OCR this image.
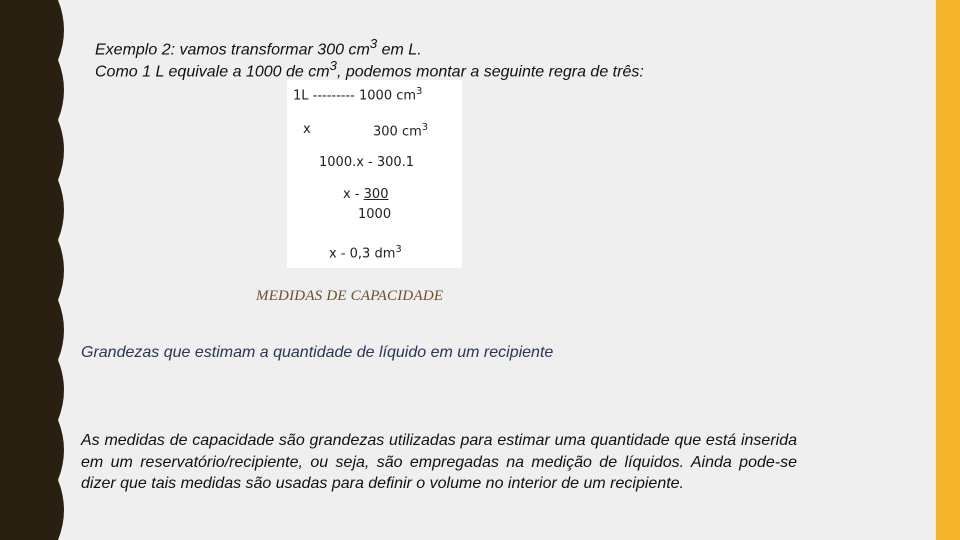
Exemplo 2: vamos transformar 300 $cm^3$ em L.
Como 1 L equivale a 1000 de $cm^3$, podemos montar a seguinte regra de três:
1L --------- 1000 $cm^3$
x	300 $cm^3$
1000.x - 300.1
x - 300
1000
x - 0,3 $dm^3$
MEDIDAS DE CAPACIDADE
Grandezas que estimam a quantidade de líquido em um recipiente
As medidas de capacidade são grandezas utilizadas para estimar uma quantidade que está inserida em um reservatório/recipiente, ou seja, são empregadas na medição de líquidos. Ainda pode-se dizer que tais medidas são usadas para definir o volume no interior de um recipiente.
